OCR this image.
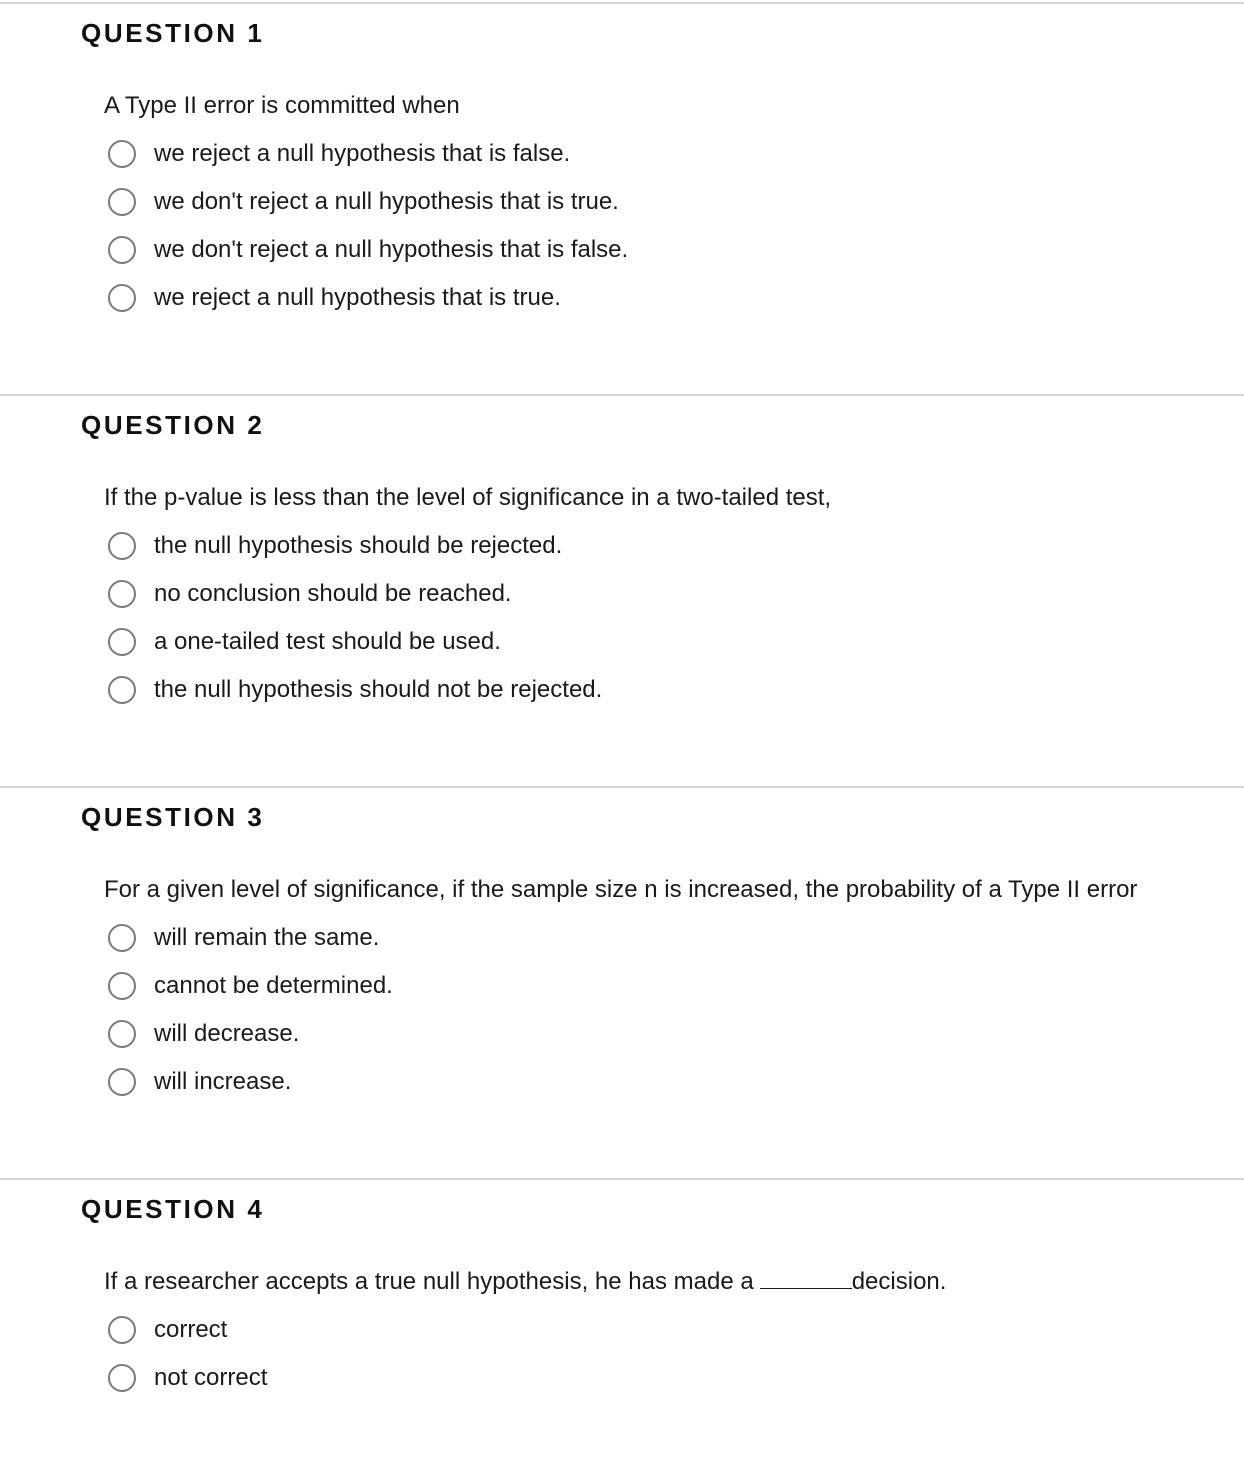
QUESTION 1

A Type II error is committed when

we reject a null hypothesis that is false.
we don't reject a null hypothesis that is true.
we don't reject a null hypothesis that is false.
we reject a null hypothesis that is true.
QUESTION 2

If the p-value is less than the level of significance in a two-tailed test,

the null hypothesis should be rejected.
no conclusion should be reached.
a one-tailed test should be used.
the null hypothesis should not be rejected.
QUESTION 3

For a given level of significance, if the sample size n is increased, the probability of a Type II error

will remain the same.
cannot be determined.
will decrease.
will increase.
QUESTION 4

If a researcher accepts a true null hypothesis, he has made a	decision.

correct
not correct
